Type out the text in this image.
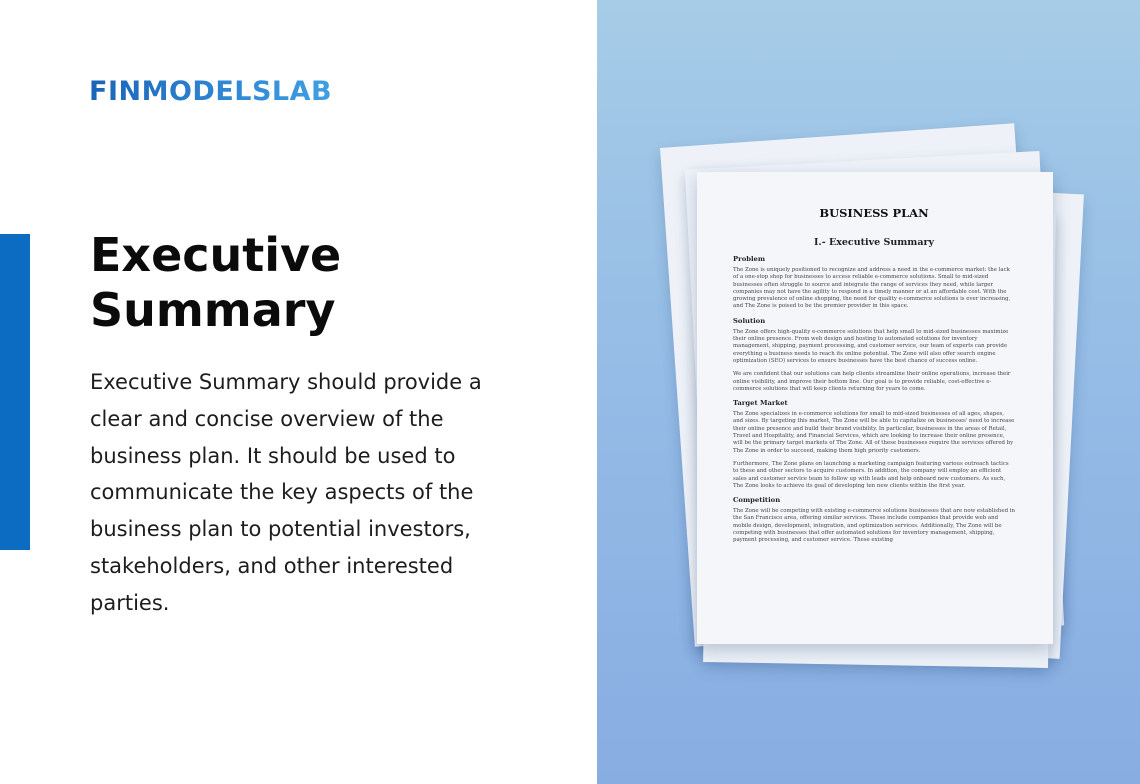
FINMODELSLAB
Executive Summary

Executive Summary should provide a clear and concise overview of the business plan. It should be used to communicate the key aspects of the business plan to potential investors, stakeholders, and other interested parties.

BUSINESS PLAN
I.- Executive Summary
Problem

The Zone is uniquely positioned to recognize and address a need in the e-commerce market: the lack of a one-stop shop for businesses to access reliable e-commerce solutions. Small to mid-sized businesses often struggle to source and integrate the range of services they need, while larger companies may not have the agility to respond in a timely manner or at an affordable cost. With the growing prevalence of online shopping, the need for quality e-commerce solutions is ever increasing, and The Zone is poised to be the premier provider in this space.

Solution

The Zone offers high-quality e-commerce solutions that help small to mid-sized businesses maximize their online presence. From web design and hosting to automated solutions for inventory management, shipping, payment processing, and customer service, our team of experts can provide everything a business needs to reach its online potential. The Zone will also offer search engine optimization (SEO) services to ensure businesses have the best chance of success online.

We are confident that our solutions can help clients streamline their online operations, increase their online visibility, and improve their bottom line. Our goal is to provide reliable, cost-effective e-commerce solutions that will keep clients returning for years to come.

Target Market

The Zone specializes in e-commerce solutions for small to mid-sized businesses of all ages, shapes, and sizes. By targeting this market, The Zone will be able to capitalize on businesses' need to increase their online presence and build their brand visibility. In particular, businesses in the areas of Retail, Travel and Hospitality, and Financial Services, which are looking to increase their online presence, will be the primary target markets of The Zone. All of these businesses require the services offered by The Zone in order to succeed, making them high priority customers.

Furthermore, The Zone plans on launching a marketing campaign featuring various outreach tactics to these and other sectors to acquire customers. In addition, the company will employ an efficient sales and customer service team to follow up with leads and help onboard new customers. As such, The Zone looks to achieve its goal of developing ten new clients within the first year.

Competition

The Zone will be competing with existing e-commerce solutions businesses that are now established in the San Francisco area, offering similar services. These include companies that provide web and mobile design, development, integration, and optimization services. Additionally, The Zone will be competing with businesses that offer automated solutions for inventory management, shipping, payment processing, and customer service. These existing
